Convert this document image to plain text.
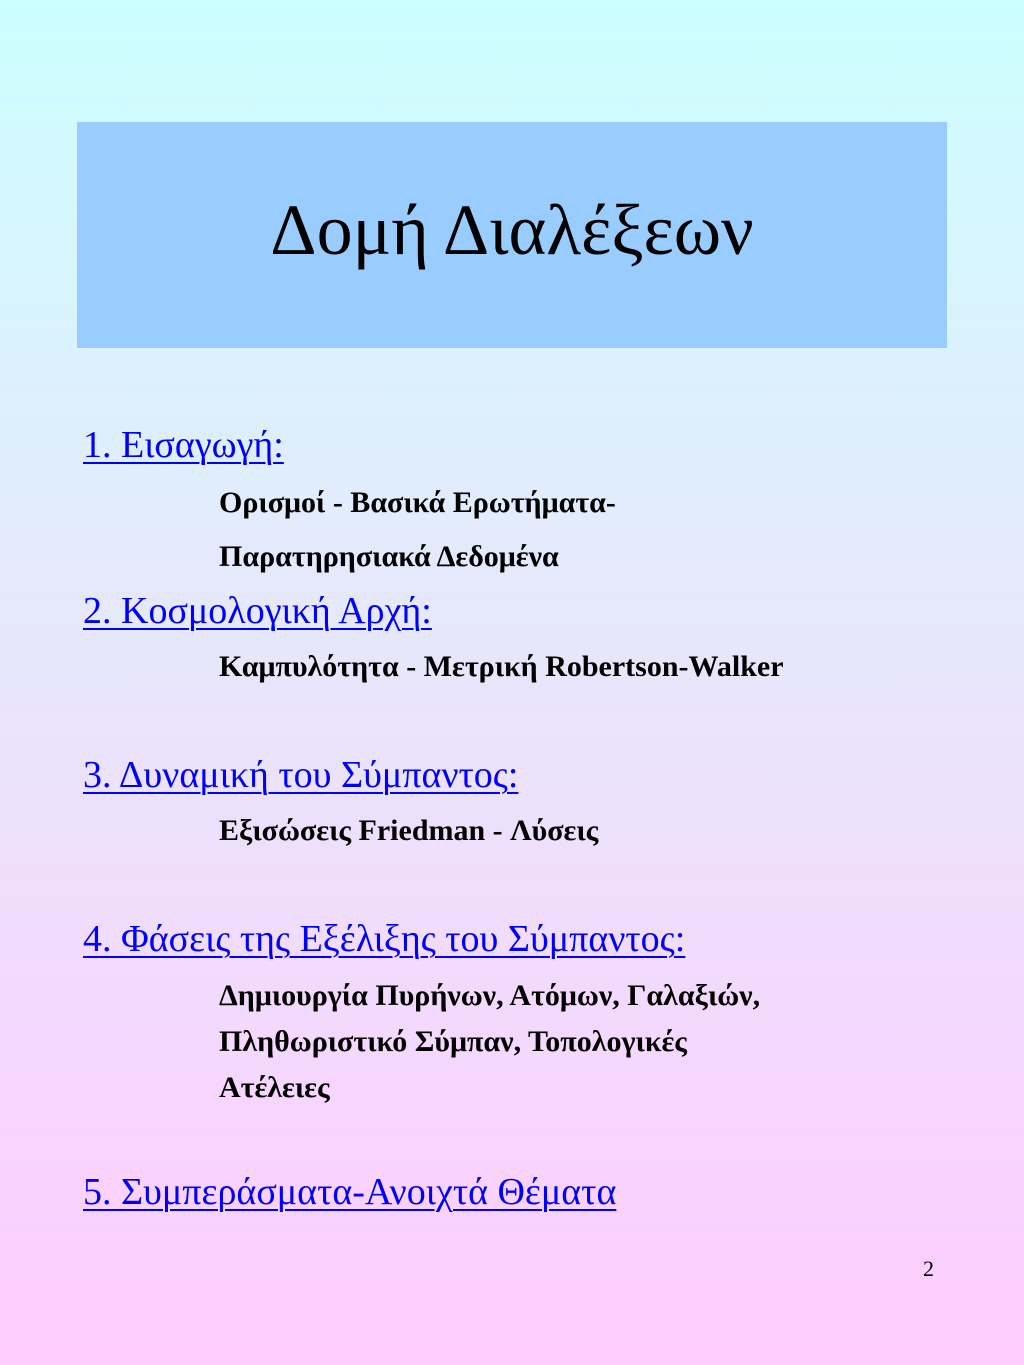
Δομή Διαλέξεων
1. Εισαγωγή:
Ορισμοί - Βασικά Ερωτήματα-
Παρατηρησιακά Δεδομένα
2. Κοσμολογική Αρχή:
Καμπυλότητα - Μετρική Robertson-Walker
3. Δυναμική του Σύμπαντος:
Εξισώσεις Friedman - Λύσεις
4. Φάσεις της Εξέλιξης του Σύμπαντος:
Δημιουργία Πυρήνων, Ατόμων, Γαλαξιών,
Πληθωριστικό Σύμπαν, Τοπολογικές
Ατέλειες
5. Συμπεράσματα-Ανοιχτά Θέματα
2
